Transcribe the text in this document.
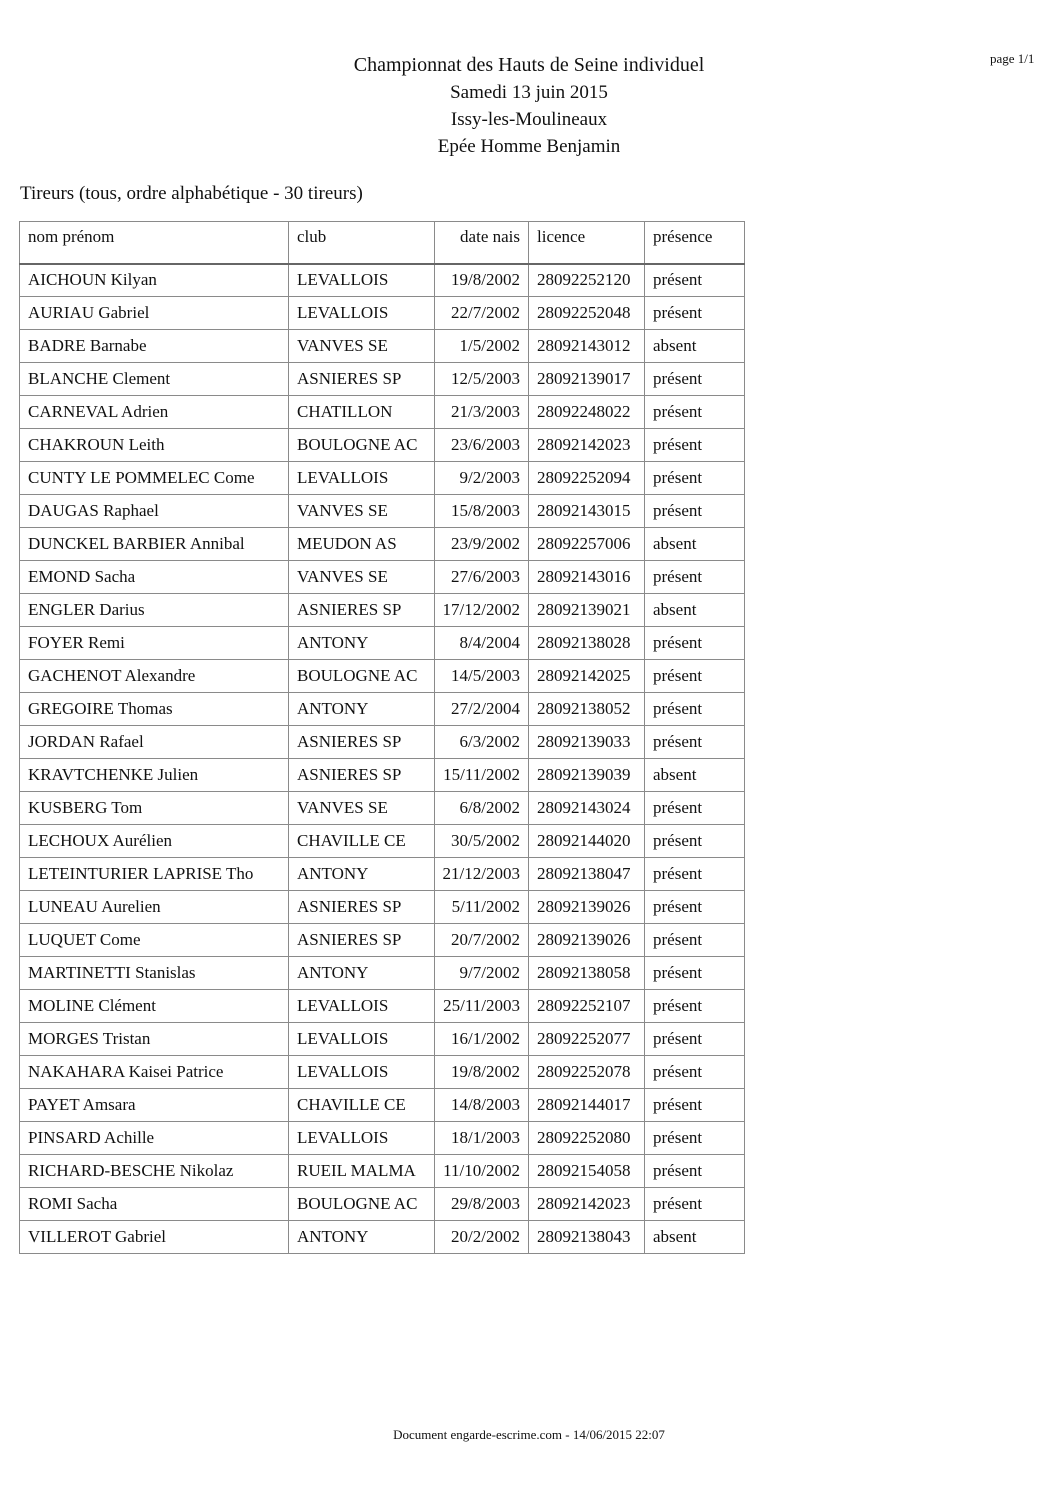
page 1/1
Championnat des Hauts de Seine individuel
Samedi 13 juin 2015
Issy-les-Moulineaux
Epée Homme Benjamin
Tireurs (tous, ordre alphabétique - 30 tireurs)
nom prénom	club	date nais	licence	présence
AICHOUN Kilyan	LEVALLOIS	19/8/2002	28092252120	présent
AURIAU Gabriel	LEVALLOIS	22/7/2002	28092252048	présent
BADRE Barnabe	VANVES SE	1/5/2002	28092143012	absent
BLANCHE Clement	ASNIERES SP	12/5/2003	28092139017	présent
CARNEVAL Adrien	CHATILLON	21/3/2003	28092248022	présent
CHAKROUN Leith	BOULOGNE AC	23/6/2003	28092142023	présent
CUNTY LE POMMELEC Come	LEVALLOIS	9/2/2003	28092252094	présent
DAUGAS Raphael	VANVES SE	15/8/2003	28092143015	présent
DUNCKEL BARBIER Annibal	MEUDON AS	23/9/2002	28092257006	absent
EMOND Sacha	VANVES SE	27/6/2003	28092143016	présent
ENGLER Darius	ASNIERES SP	17/12/2002	28092139021	absent
FOYER Remi	ANTONY	8/4/2004	28092138028	présent
GACHENOT Alexandre	BOULOGNE AC	14/5/2003	28092142025	présent
GREGOIRE Thomas	ANTONY	27/2/2004	28092138052	présent
JORDAN Rafael	ASNIERES SP	6/3/2002	28092139033	présent
KRAVTCHENKE Julien	ASNIERES SP	15/11/2002	28092139039	absent
KUSBERG Tom	VANVES SE	6/8/2002	28092143024	présent
LECHOUX Aurélien	CHAVILLE CE	30/5/2002	28092144020	présent
LETEINTURIER LAPRISE Tho	ANTONY	21/12/2003	28092138047	présent
LUNEAU Aurelien	ASNIERES SP	5/11/2002	28092139026	présent
LUQUET Come	ASNIERES SP	20/7/2002	28092139026	présent
MARTINETTI Stanislas	ANTONY	9/7/2002	28092138058	présent
MOLINE Clément	LEVALLOIS	25/11/2003	28092252107	présent
MORGES Tristan	LEVALLOIS	16/1/2002	28092252077	présent
NAKAHARA Kaisei Patrice	LEVALLOIS	19/8/2002	28092252078	présent
PAYET Amsara	CHAVILLE CE	14/8/2003	28092144017	présent
PINSARD Achille	LEVALLOIS	18/1/2003	28092252080	présent
RICHARD-BESCHE Nikolaz	RUEIL MALMA	11/10/2002	28092154058	présent
ROMI Sacha	BOULOGNE AC	29/8/2003	28092142023	présent
VILLEROT Gabriel	ANTONY	20/2/2002	28092138043	absent
Document engarde-escrime.com - 14/06/2015 22:07
